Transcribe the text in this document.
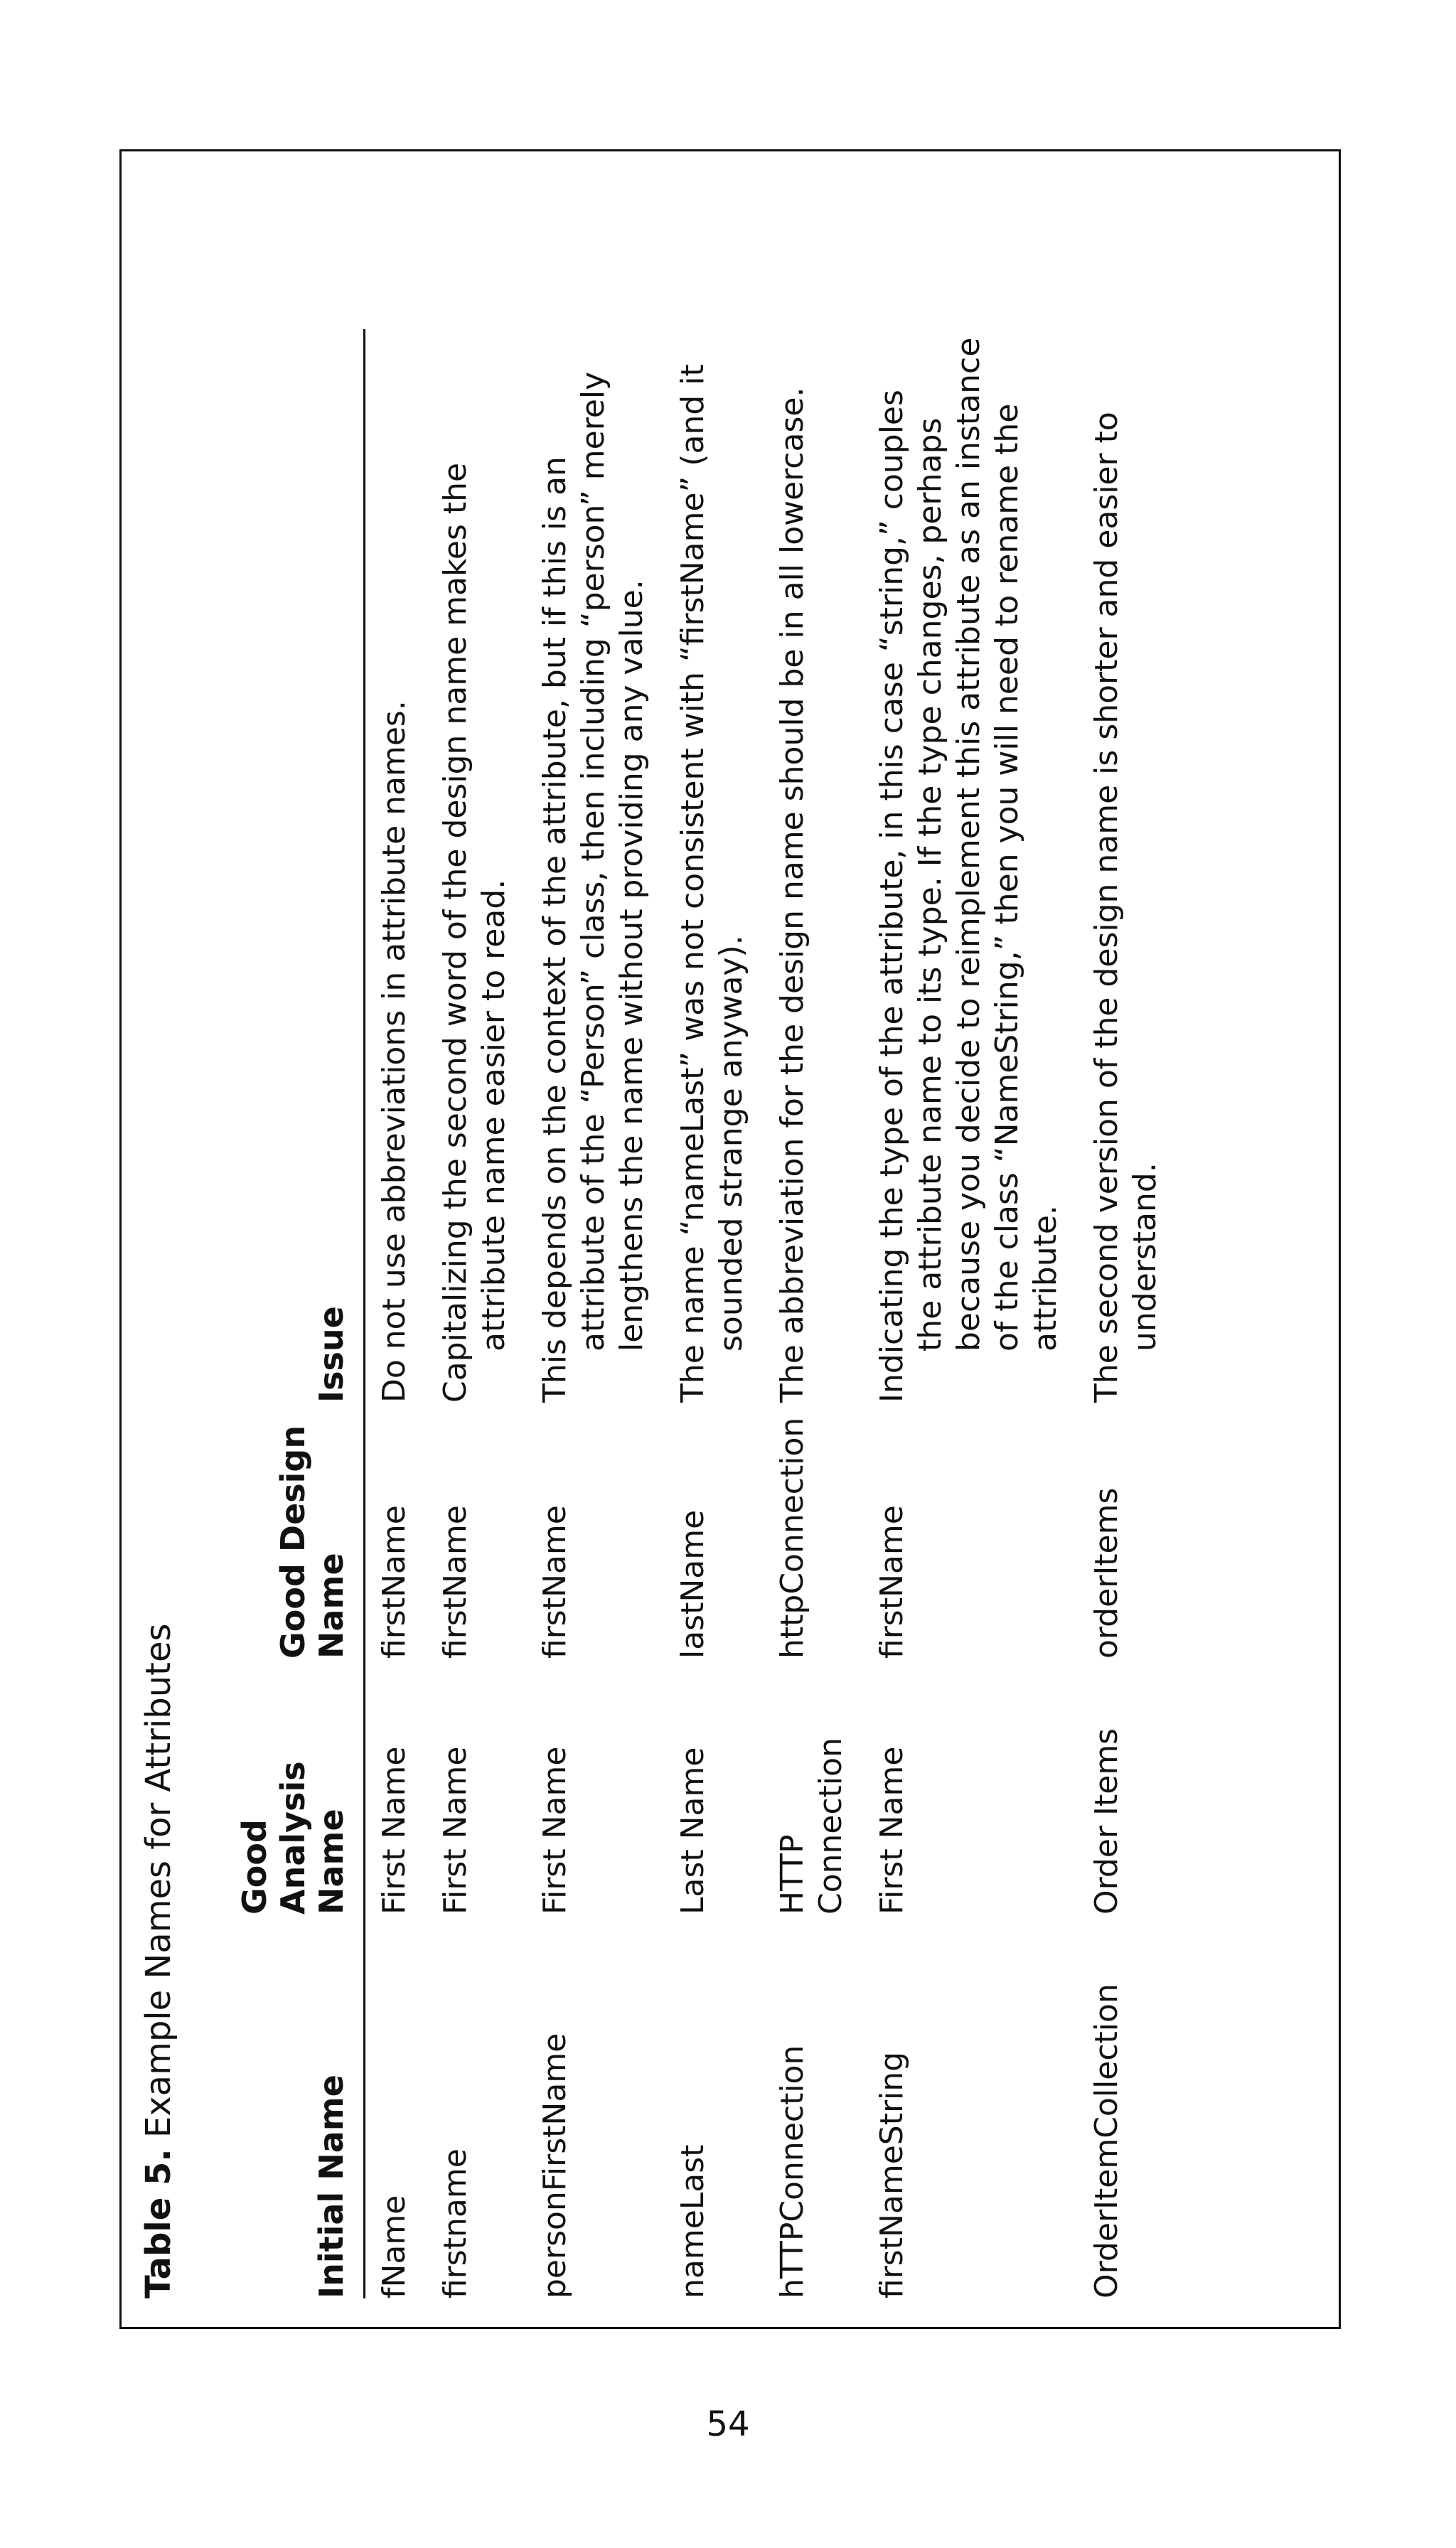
Table 5. Example Names for Attributes
Initial Name	Good Analysis Name	Good Design Name	Issue
fName	First Name	firstName	Do not use abbreviations in attribute names.
firstname	First Name	firstName	Capitalizing the second word of the design name makes the attribute name easier to read.
personFirstName	First Name	firstName	This depends on the context of the attribute, but if this is an attribute of the “Person” class, then including “person” merely lengthens the name without providing any value.
nameLast	Last Name	lastName	The name “nameLast” was not consistent with “firstName” (and it sounded strange anyway).
hTTPConnection	HTTP Connection	httpConnection	The abbreviation for the design name should be in all lowercase.
firstNameString	First Name	firstName	Indicating the type of the attribute, in this case “string,” couples the attribute name to its type. If the type changes, perhaps because you decide to reimplement this attribute as an instance of the class “NameString,” then you will need to rename the attribute.
OrderItemCollection	Order Items	orderItems	The second version of the design name is shorter and easier to understand.
54
